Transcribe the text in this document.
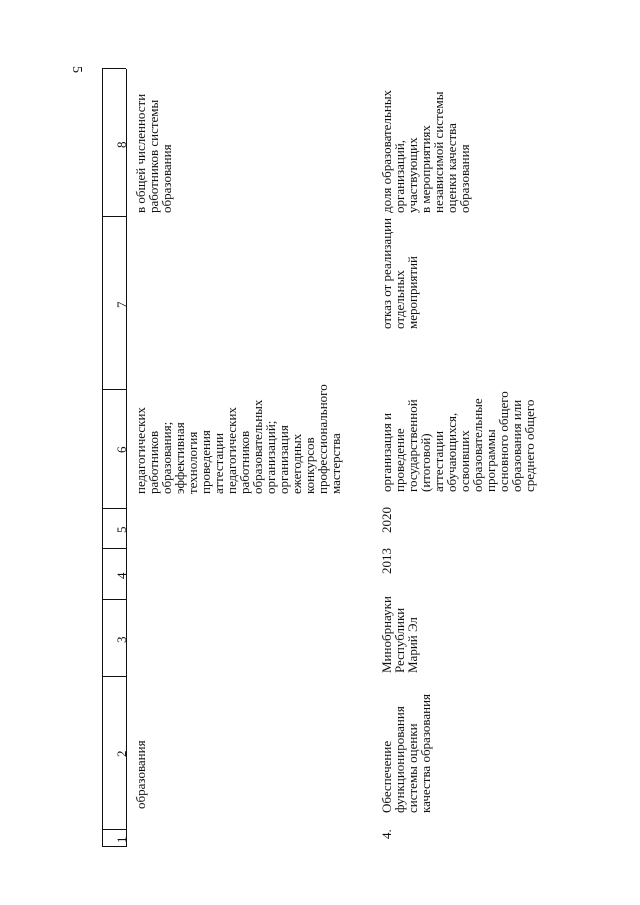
5
1
2
3
4
5
6
7
8
образования
педагогических
работников
образования;
эффективная
технология
проведения
аттестации
педагогических
работников
образовательных
организаций;
организация
ежегодных
конкурсов
профессионального
мастерства
в общей численности
работников системы
образования
4.
Обеспечение
функционирования
системы оценки
качества образования
Минобрнауки
Республики
Марий Эл
2013
2020
организация и
проведение
государственной
(итоговой)
аттестации
обучающихся,
освоивших
образовательные
программы
основного общего
образования или
среднего общего
отказ от реализации
отдельных
мероприятий
доля образовательных
организаций,
участвующих
в мероприятиях
независимой системы
оценки качества
образования
